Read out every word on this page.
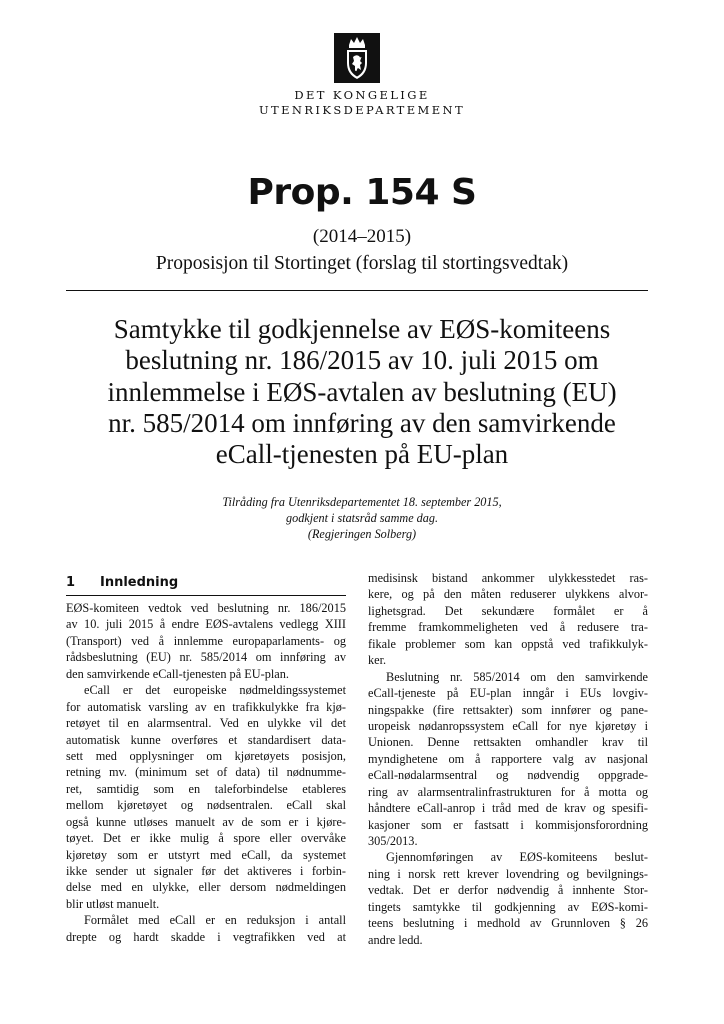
DET KONGELIGE
UTENRIKSDEPARTEMENT
Prop. 154 S
(2014–2015)
Proposisjon til Stortinget (forslag til stortingsvedtak)
Samtykke til godkjennelse av EØS-komiteens
beslutning nr. 186/2015 av 10. juli 2015 om
innlemmelse i EØS-avtalen av beslutning (EU)
nr. 585/2014 om innføring av den samvirkende
eCall-tjenesten på EU-plan
Tilråding fra Utenriksdepartementet 18. september 2015,
godkjent i statsråd samme dag.
(Regjeringen Solberg)
1 Innledning
EØS-komiteen vedtok ved beslutning nr. 186/2015
av 10. juli 2015 å endre EØS-avtalens vedlegg XIII
(Transport) ved å innlemme europaparlaments- og
rådsbeslutning (EU) nr. 585/2014 om innføring av
den samvirkende eCall-tjenesten på EU-plan.
eCall er det europeiske nødmeldingssystemet
for automatisk varsling av en trafikkulykke fra kjø-
retøyet til en alarmsentral. Ved en ulykke vil det
automatisk kunne overføres et standardisert data-
sett med opplysninger om kjøretøyets posisjon,
retning mv. (minimum set of data) til nødnumme-
ret, samtidig som en taleforbindelse etableres
mellom kjøretøyet og nødsentralen. eCall skal
også kunne utløses manuelt av de som er i kjøre-
tøyet. Det er ikke mulig å spore eller overvåke
kjøretøy som er utstyrt med eCall, da systemet
ikke sender ut signaler før det aktiveres i forbin-
delse med en ulykke, eller dersom nødmeldingen
blir utløst manuelt.
Formålet med eCall er en reduksjon i antall
drepte og hardt skadde i vegtrafikken ved at
medisinsk bistand ankommer ulykkesstedet ras-
kere, og på den måten reduserer ulykkens alvor-
lighetsgrad. Det sekundære formålet er å
fremme framkommeligheten ved å redusere tra-
fikale problemer som kan oppstå ved trafikkulyk-
ker.
Beslutning nr. 585/2014 om den samvirkende
eCall-tjeneste på EU-plan inngår i EUs lovgiv-
ningspakke (fire rettsakter) som innfører og pane-
uropeisk nødanropssystem eCall for nye kjøretøy i
Unionen. Denne rettsakten omhandler krav til
myndighetene om å rapportere valg av nasjonal
eCall-nødalarmsentral og nødvendig oppgrade-
ring av alarmsentralinfrastrukturen for å motta og
håndtere eCall-anrop i tråd med de krav og spesifi-
kasjoner som er fastsatt i kommisjonsforordning
305/2013.
Gjennomføringen av EØS-komiteens beslut-
ning i norsk rett krever lovendring og bevilgnings-
vedtak. Det er derfor nødvendig å innhente Stor-
tingets samtykke til godkjenning av EØS-komi-
teens beslutning i medhold av Grunnloven § 26
andre ledd.
